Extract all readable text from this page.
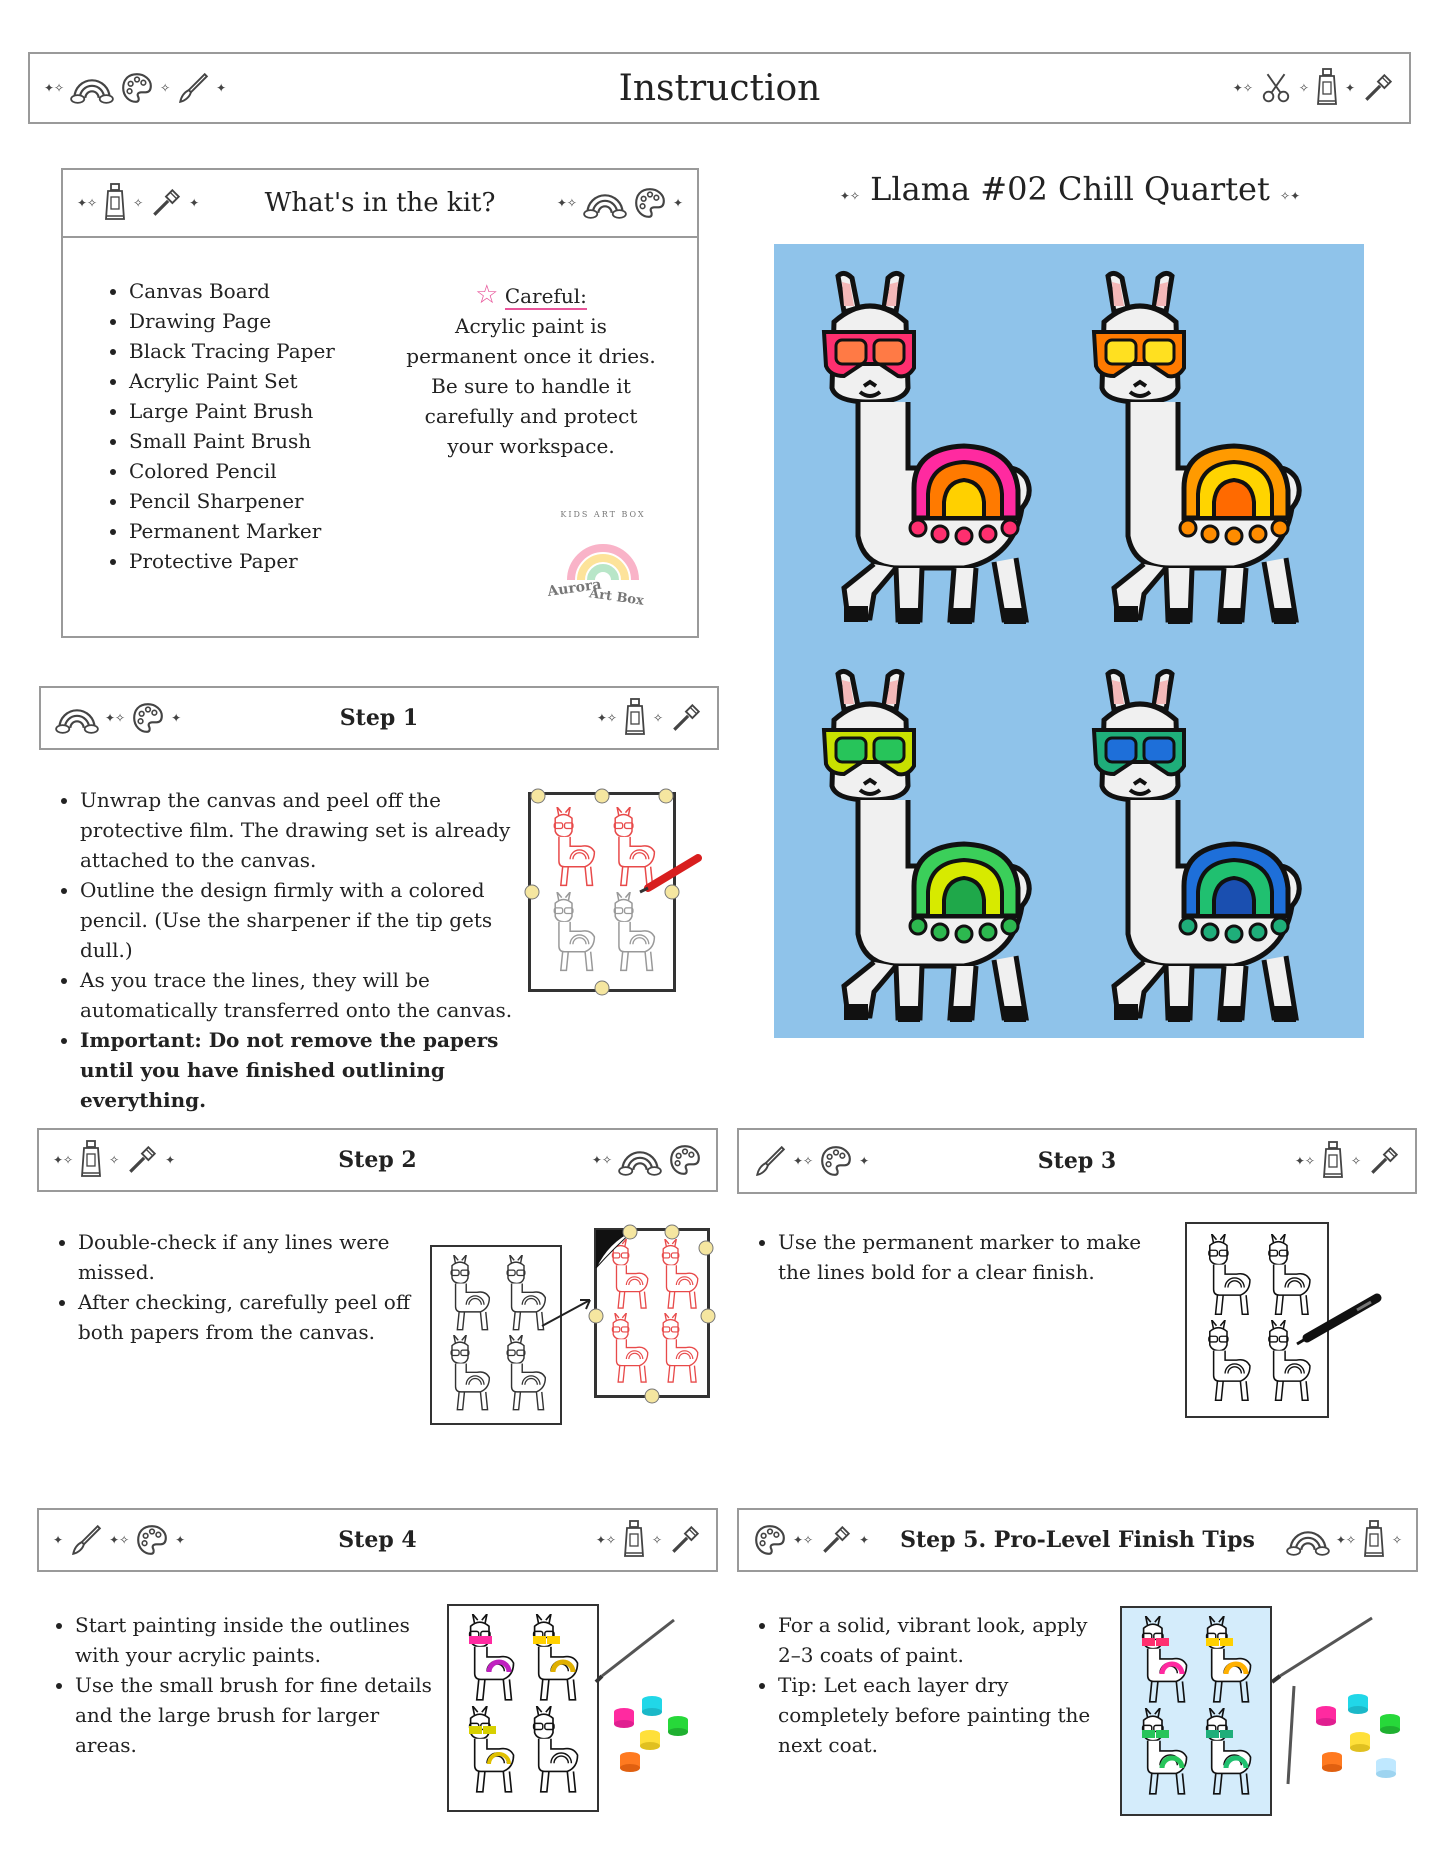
✦✧	✧	✦	Instruction	✦✧	✧	✦
✦✧	✧	✦	What's in the kit?	✦✧	✦
• Canvas Board
• Drawing Page
• Black Tracing Paper
• Acrylic Paint Set
• Large Paint Brush
• Small Paint Brush
• Colored Pencil
• Pencil Sharpener
• Permanent Marker
• Protective Paper
☆ Careful:
Acrylic paint is
permanent once it dries.
Be sure to handle it
carefully and protect
your workspace.
KIDS ART BOX
Aurora
Art Box
✦✧ Llama #02 Chill Quartet ✧✦
✦✧	✦	Step 1	✦✧	✧
• Unwrap the canvas and peel off the protective film. The drawing set is already attached to the canvas.
• Outline the design firmly with a colored pencil. (Use the sharpener if the tip gets dull.)
• As you trace the lines, they will be automatically transferred onto the canvas.
• Important: Do not remove the papers until you have finished outlining everything.
✦✧	✧	✦	Step 2	✦✧
• Double-check if any lines were missed.
• After checking, carefully peel off both papers from the canvas.
✦✧	✦	Step 3	✦✧	✧
• Use the permanent marker to make the lines bold for a clear finish.
✦	✦✧	✦	Step 4	✦✧	✧
• Start painting inside the outlines with your acrylic paints.
• Use the small brush for fine details and the large brush for larger areas.
✦✧	✦ Step 5. Pro-Level Finish Tips	✦✧	✧
• For a solid, vibrant look, apply 2–3 coats of paint.
• Tip: Let each layer dry completely before painting the next coat.
